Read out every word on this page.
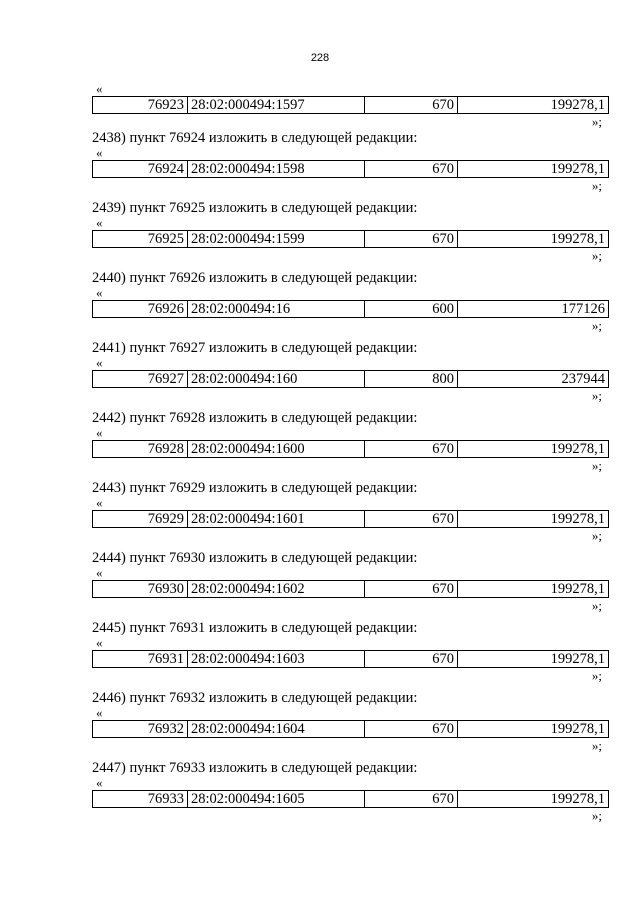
228
«
76923	28:02:000494:1597	670	199278,1
»;
2438) пункт 76924 изложить в следующей редакции:
«
76924	28:02:000494:1598	670	199278,1
»;
2439) пункт 76925 изложить в следующей редакции:
«
76925	28:02:000494:1599	670	199278,1
»;
2440) пункт 76926 изложить в следующей редакции:
«
76926	28:02:000494:16	600	177126
»;
2441) пункт 76927 изложить в следующей редакции:
«
76927	28:02:000494:160	800	237944
»;
2442) пункт 76928 изложить в следующей редакции:
«
76928	28:02:000494:1600	670	199278,1
»;
2443) пункт 76929 изложить в следующей редакции:
«
76929	28:02:000494:1601	670	199278,1
»;
2444) пункт 76930 изложить в следующей редакции:
«
76930	28:02:000494:1602	670	199278,1
»;
2445) пункт 76931 изложить в следующей редакции:
«
76931	28:02:000494:1603	670	199278,1
»;
2446) пункт 76932 изложить в следующей редакции:
«
76932	28:02:000494:1604	670	199278,1
»;
2447) пункт 76933 изложить в следующей редакции:
«
76933	28:02:000494:1605	670	199278,1
»;
